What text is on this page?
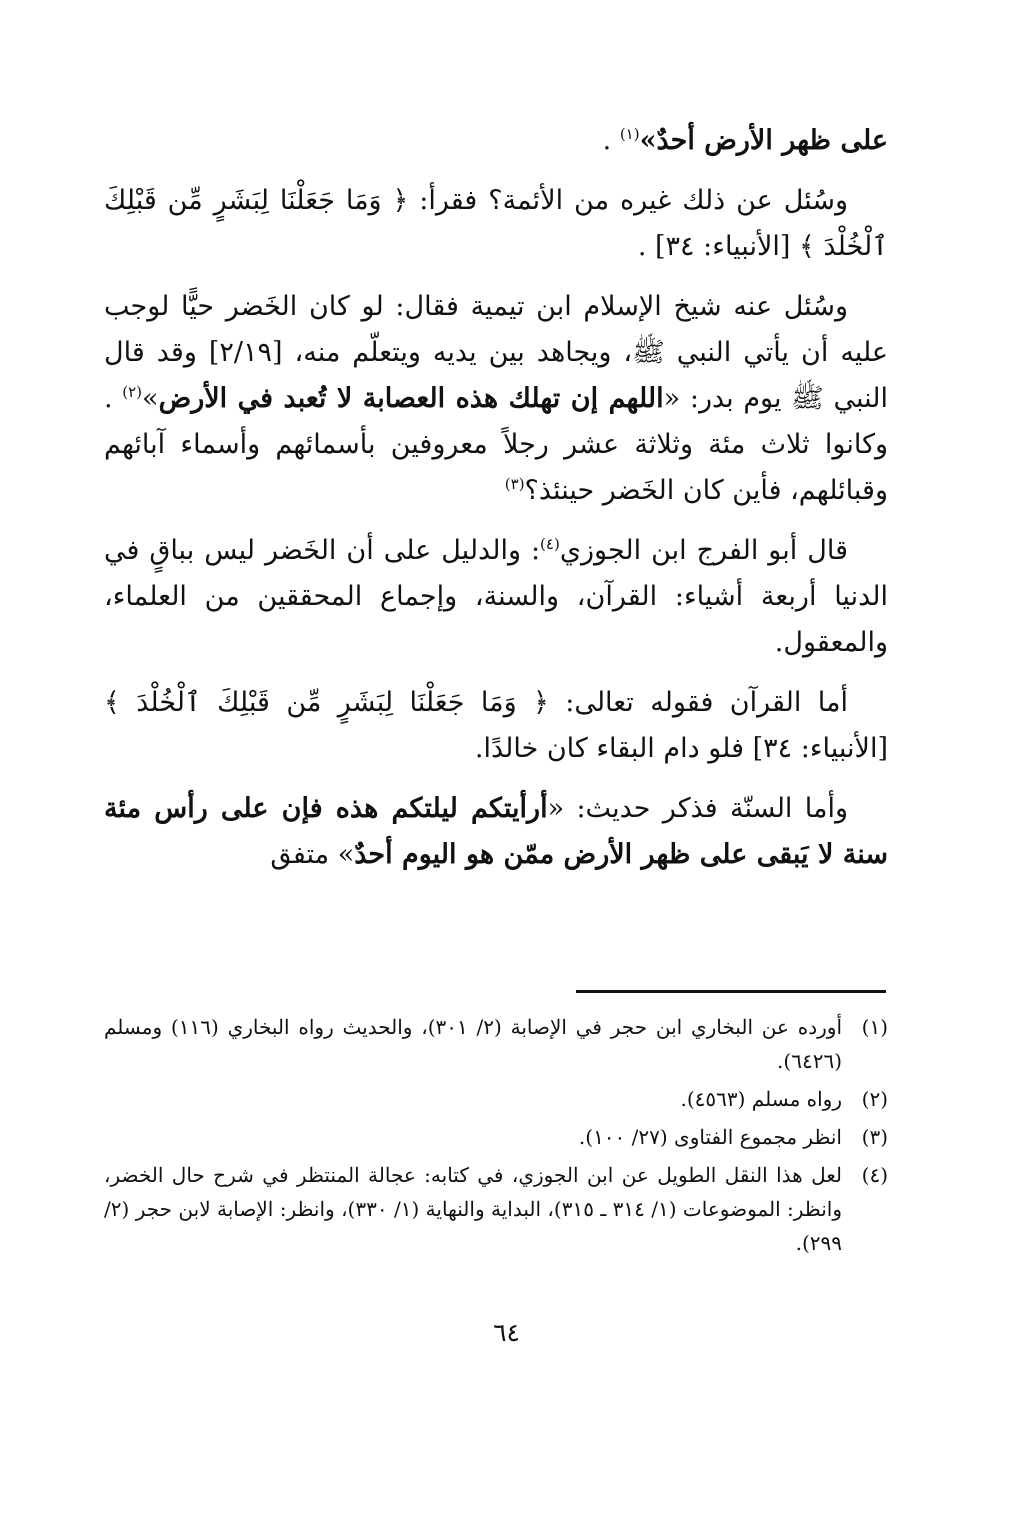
على ظهر الأرض أحدٌ»$^{(١)}$ .

وسُئل عن ذلك غيره من الأئمة؟ فقرأ: ﴿ وَمَا جَعَلْنَا لِبَشَرٍ مِّن قَبْلِكَ ٱلْخُلْدَ ﴾ [الأنبياء: ٣٤] .

وسُئل عنه شيخ الإسلام ابن تيمية فقال: لو كان الخَضر حيًّا لوجب عليه أن يأتي النبي ﷺ، ويجاهد بين يديه ويتعلّم منه، [٢/١٩] وقد قال النبي ﷺ يوم بدر: «اللهم إن تهلك هذه العصابة لا تُعبد في الأرض»$^{(٢)}$ . وكانوا ثلاث مئة وثلاثة عشر رجلاً معروفين بأسمائهم وأسماء آبائهم وقبائلهم، فأين كان الخَضر حينئذ؟$^{(٣)}$

قال أبو الفرج ابن الجوزي$^{(٤)}$: والدليل على أن الخَضر ليس بباقٍ في الدنيا أربعة أشياء: القرآن، والسنة، وإجماع المحققين من العلماء، والمعقول.

أما القرآن فقوله تعالى: ﴿ وَمَا جَعَلْنَا لِبَشَرٍ مِّن قَبْلِكَ ٱلْخُلْدَ ﴾ [الأنبياء: ٣٤] فلو دام البقاء كان خالدًا.

وأما السنّة فذكر حديث: «أرأيتكم ليلتكم هذه فإن على رأس مئة سنة لا يَبقى على ظهر الأرض ممّن هو اليوم أحدٌ» متفق

(١)
أورده عن البخاري ابن حجر في الإصابة (٢/ ٣٠١)، والحديث رواه البخاري (١١٦) ومسلم (٦٤٢٦).
(٢)
رواه مسلم (٤٥٦٣).
(٣)
انظر مجموع الفتاوى (٢٧/ ١٠٠).
(٤)
لعل هذا النقل الطويل عن ابن الجوزي، في كتابه: عجالة المنتظر في شرح حال الخضر، وانظر: الموضوعات (١/ ٣١٤ ـ ٣١٥)، البداية والنهاية (١/ ٣٣٠)، وانظر: الإصابة لابن حجر (٢/ ٢٩٩).
٦٤
